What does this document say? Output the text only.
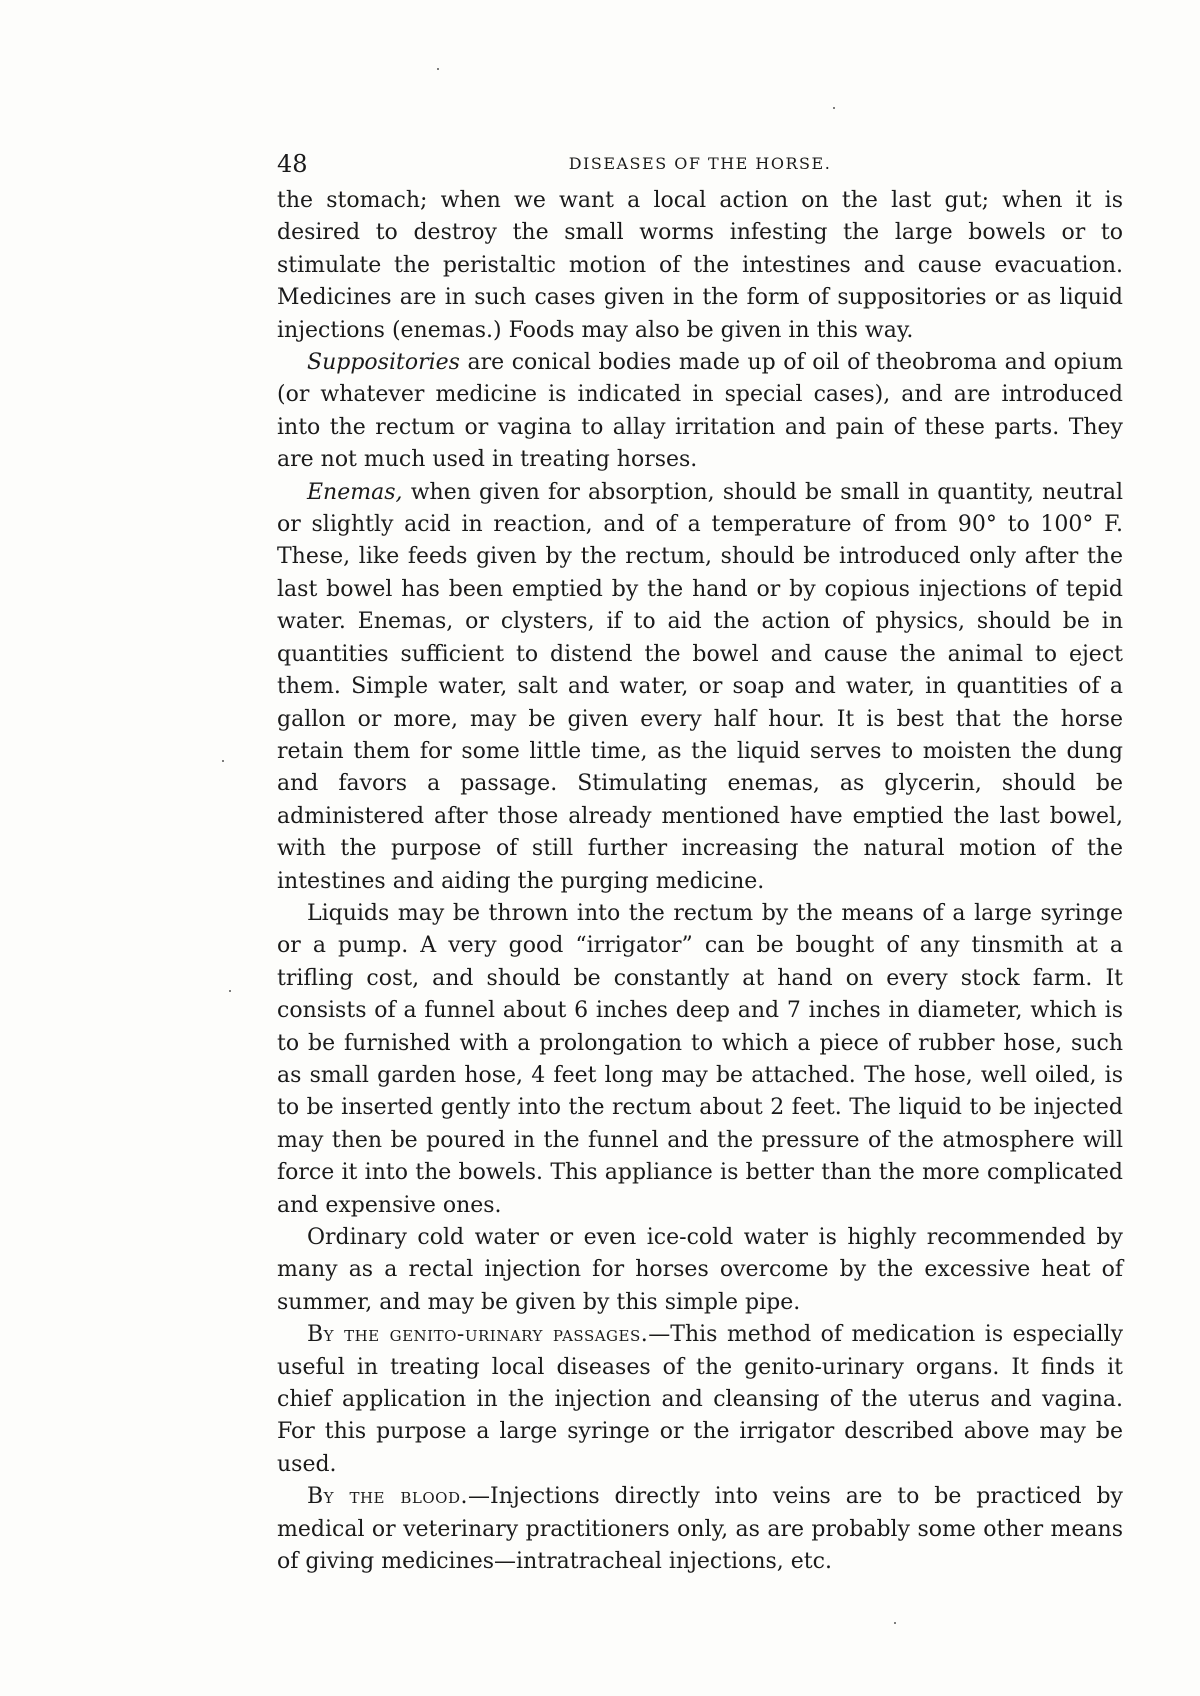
48	DISEASES OF THE HORSE.

the stomach; when we want a local action on the last gut; when it is desired to destroy the small worms infesting the large bowels or to stimulate the peristaltic motion of the intestines and cause evacuation. Medicines are in such cases given in the form of suppositories or as liquid injections (enemas.) Foods may also be given in this way.

Suppositories are conical bodies made up of oil of theobroma and opium (or whatever medicine is indicated in special cases), and are introduced into the rectum or vagina to allay irritation and pain of these parts. They are not much used in treating horses.

Enemas, when given for absorption, should be small in quantity, neutral or slightly acid in reaction, and of a temperature of from 90° to 100° F. These, like feeds given by the rectum, should be introduced only after the last bowel has been emptied by the hand or by copious injections of tepid water. Enemas, or clysters, if to aid the action of physics, should be in quantities sufficient to distend the bowel and cause the animal to eject them. Simple water, salt and water, or soap and water, in quantities of a gallon or more, may be given every half hour. It is best that the horse retain them for some little time, as the liquid serves to moisten the dung and favors a passage. Stimulating enemas, as glycerin, should be administered after those already mentioned have emptied the last bowel, with the purpose of still further increasing the natural motion of the intestines and aiding the purging medicine.

Liquids may be thrown into the rectum by the means of a large syringe or a pump. A very good “irrigator” can be bought of any tinsmith at a trifling cost, and should be constantly at hand on every stock farm. It consists of a funnel about 6 inches deep and 7 inches in diameter, which is to be furnished with a prolongation to which a piece of rubber hose, such as small garden hose, 4 feet long may be attached. The hose, well oiled, is to be inserted gently into the rectum about 2 feet. The liquid to be injected may then be poured in the funnel and the pressure of the atmosphere will force it into the bowels. This appliance is better than the more complicated and expensive ones.

Ordinary cold water or even ice-cold water is highly recommended by many as a rectal injection for horses overcome by the excessive heat of summer, and may be given by this simple pipe.

By the genito-urinary passages.—This method of medication is especially useful in treating local diseases of the genito-urinary organs. It finds it chief application in the injection and cleansing of the uterus and vagina. For this purpose a large syringe or the irrigator described above may be used.

By the blood.—Injections directly into veins are to be practiced by medical or veterinary practitioners only, as are probably some other means of giving medicines—intratracheal injections, etc.
